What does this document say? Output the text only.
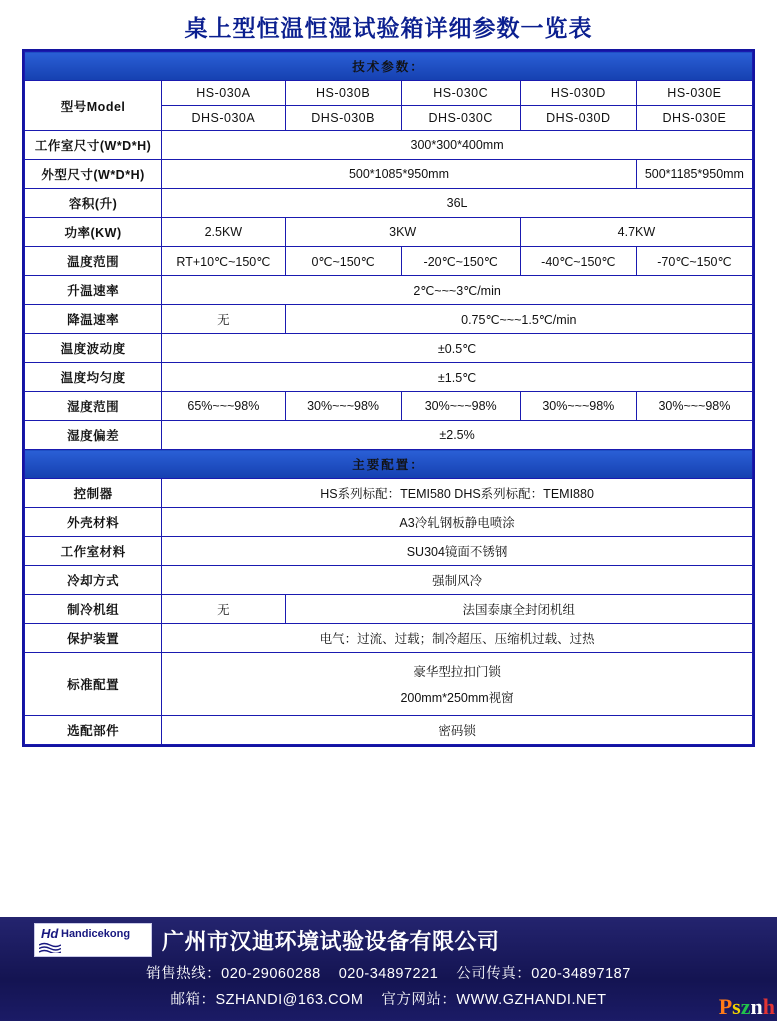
桌上型恒温恒湿试验箱详细参数一览表
技术参数：					
型号Model	HS-030A	HS-030B	HS-030C	HS-030D	HS-030E
	DHS-030A	DHS-030B	DHS-030C	DHS-030D	DHS-030E
工作室尺寸(W*D*H)	300*300*400mm				
外型尺寸(W*D*H)	500*1085*950mm				500*1185*950mm
容积(升)	36L				
功率(KW)	2.5KW	3KW		4.7KW	
温度范围	RT+10℃~150℃	0℃~150℃	-20℃~150℃	-40℃~150℃	-70℃~150℃
升温速率	2℃~~~3℃/min				
降温速率	无	0.75℃~~~1.5℃/min			
温度波动度	±0.5℃				
温度均匀度	±1.5℃				
湿度范围	65%~~~98%	30%~~~98%	30%~~~98%	30%~~~98%	30%~~~98%
湿度偏差	±2.5%				
主要配置：					
控制器	HS系列标配：TEMI580 DHS系列标配：TEMI880				
外壳材料	A3冷轧钢板静电喷涂				
工作室材料	SU304镜面不锈钢				
冷却方式	强制风冷				
制冷机组	无	法国泰康全封闭机组			
保护装置	电气：过流、过载；制冷超压、压缩机过载、过热				
标准配置	豪华型拉扣门锁
200mm*250mm视窗				

选配部件	密码锁				
Hd Handicekong 广州市汉迪环境试验设备有限公司
销售热线：020-29060288 020-34897221 公司传真：020-34897187
邮箱：SZHANDI@163.COM 官方网站：WWW.GZHANDI.NET	Psznh
